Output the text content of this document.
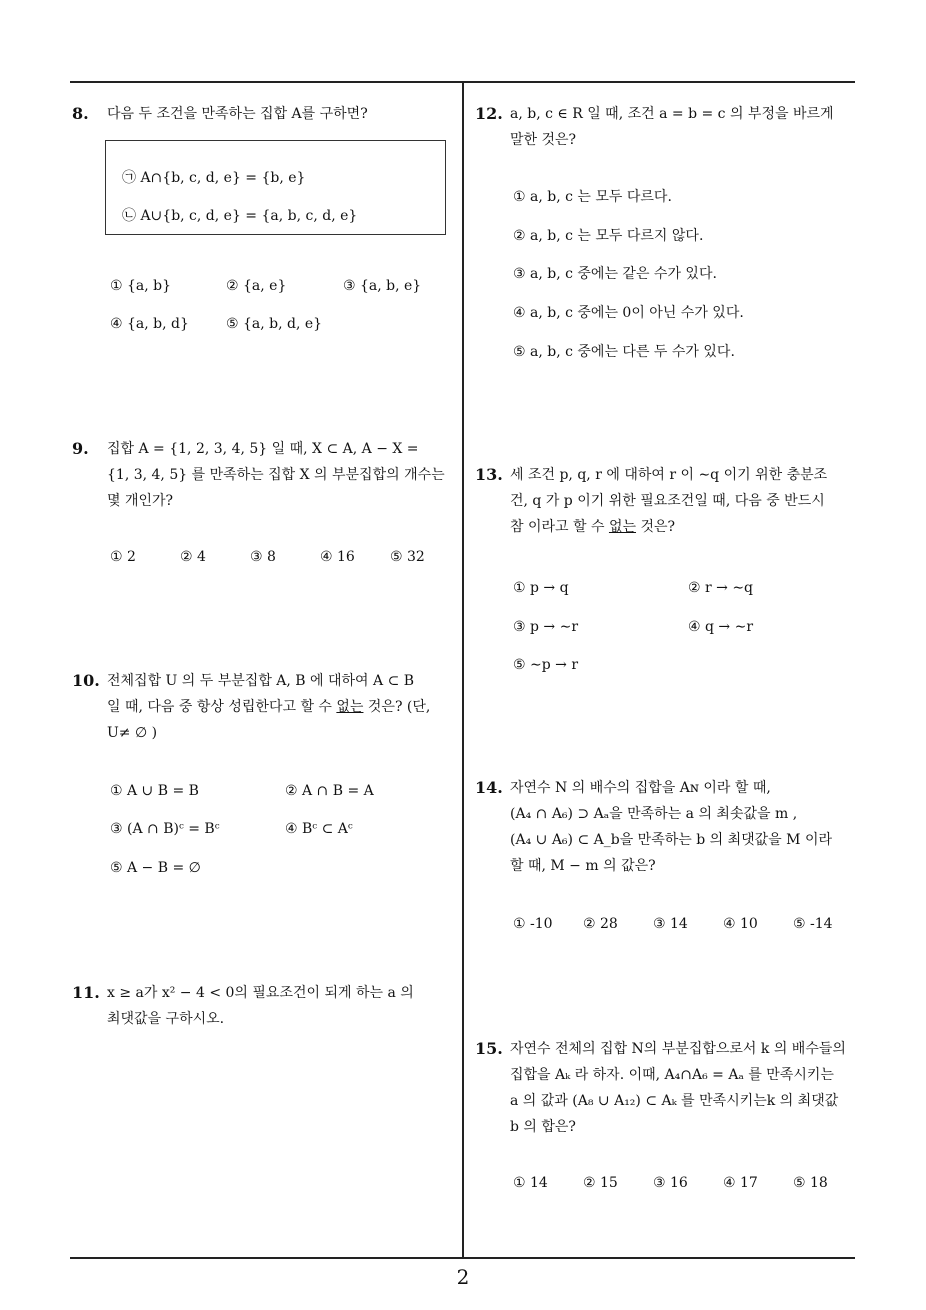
2
8. 다음 두 조건을 만족하는 집합 A를 구하면?
㉠ A∩{b, c, d, e} = {b, e}
㉡ A∪{b, c, d, e} = {a, b, c, d, e}
① {a, b}	② {a, e}	③ {a, b, e}
④ {a, b, d}	⑤ {a, b, d, e}
9. 집합 A = {1, 2, 3, 4, 5} 일 때, X ⊂ A, A − X =
{1, 3, 4, 5} 를 만족하는 집합 X 의 부분집합의 개수는
몇 개인가?
① 2	② 4	③ 8	④ 16	⑤ 32
10. 전체집합 U 의 두 부분집합 A, B 에 대하여 A ⊂ B
일 때, 다음 중 항상 성립한다고 할 수 없는 것은? (단,
U≠ ∅ )
① A ∪ B = B	② A ∩ B = A
③ (A ∩ B)ᶜ = Bᶜ	④ Bᶜ ⊂ Aᶜ
⑤ A − B = ∅
11. x ≥ a가 x² − 4 < 0의 필요조건이 되게 하는 a 의
최댓값을 구하시오.
12. a, b, c ∈ R 일 때, 조건 a = b = c 의 부정을 바르게
말한 것은?
① a, b, c 는 모두 다르다.
② a, b, c 는 모두 다르지 않다.
③ a, b, c 중에는 같은 수가 있다.
④ a, b, c 중에는 0이 아닌 수가 있다.
⑤ a, b, c 중에는 다른 두 수가 있다.
13. 세 조건 p, q, r 에 대하여 r 이 ∼q 이기 위한 충분조
건, q 가 p 이기 위한 필요조건일 때, 다음 중 반드시
참 이라고 할 수 없는 것은?
① p → q	② r → ∼q
③ p → ∼r	④ q → ∼r
⑤ ∼p → r
14. 자연수 N 의 배수의 집합을 Aɴ 이라 할 때,
(A₄ ∩ A₆) ⊃ Aₐ을 만족하는 a 의 최솟값을 m ,
(A₄ ∪ A₆) ⊂ A_b을 만족하는 b 의 최댓값을 M 이라
할 때, M − m 의 값은?
① -10 ② 28	③ 14	④ 10	⑤ -14
15. 자연수 전체의 집합 N의 부분집합으로서 k 의 배수들의
집합을 Aₖ 라 하자. 이때, A₄∩A₆ = Aₐ 를 만족시키는
a 의 값과 (A₈ ∪ A₁₂) ⊂ Aₖ 를 만족시키는k 의 최댓값
b 의 합은?
① 14	② 15	③ 16	④ 17	⑤ 18
